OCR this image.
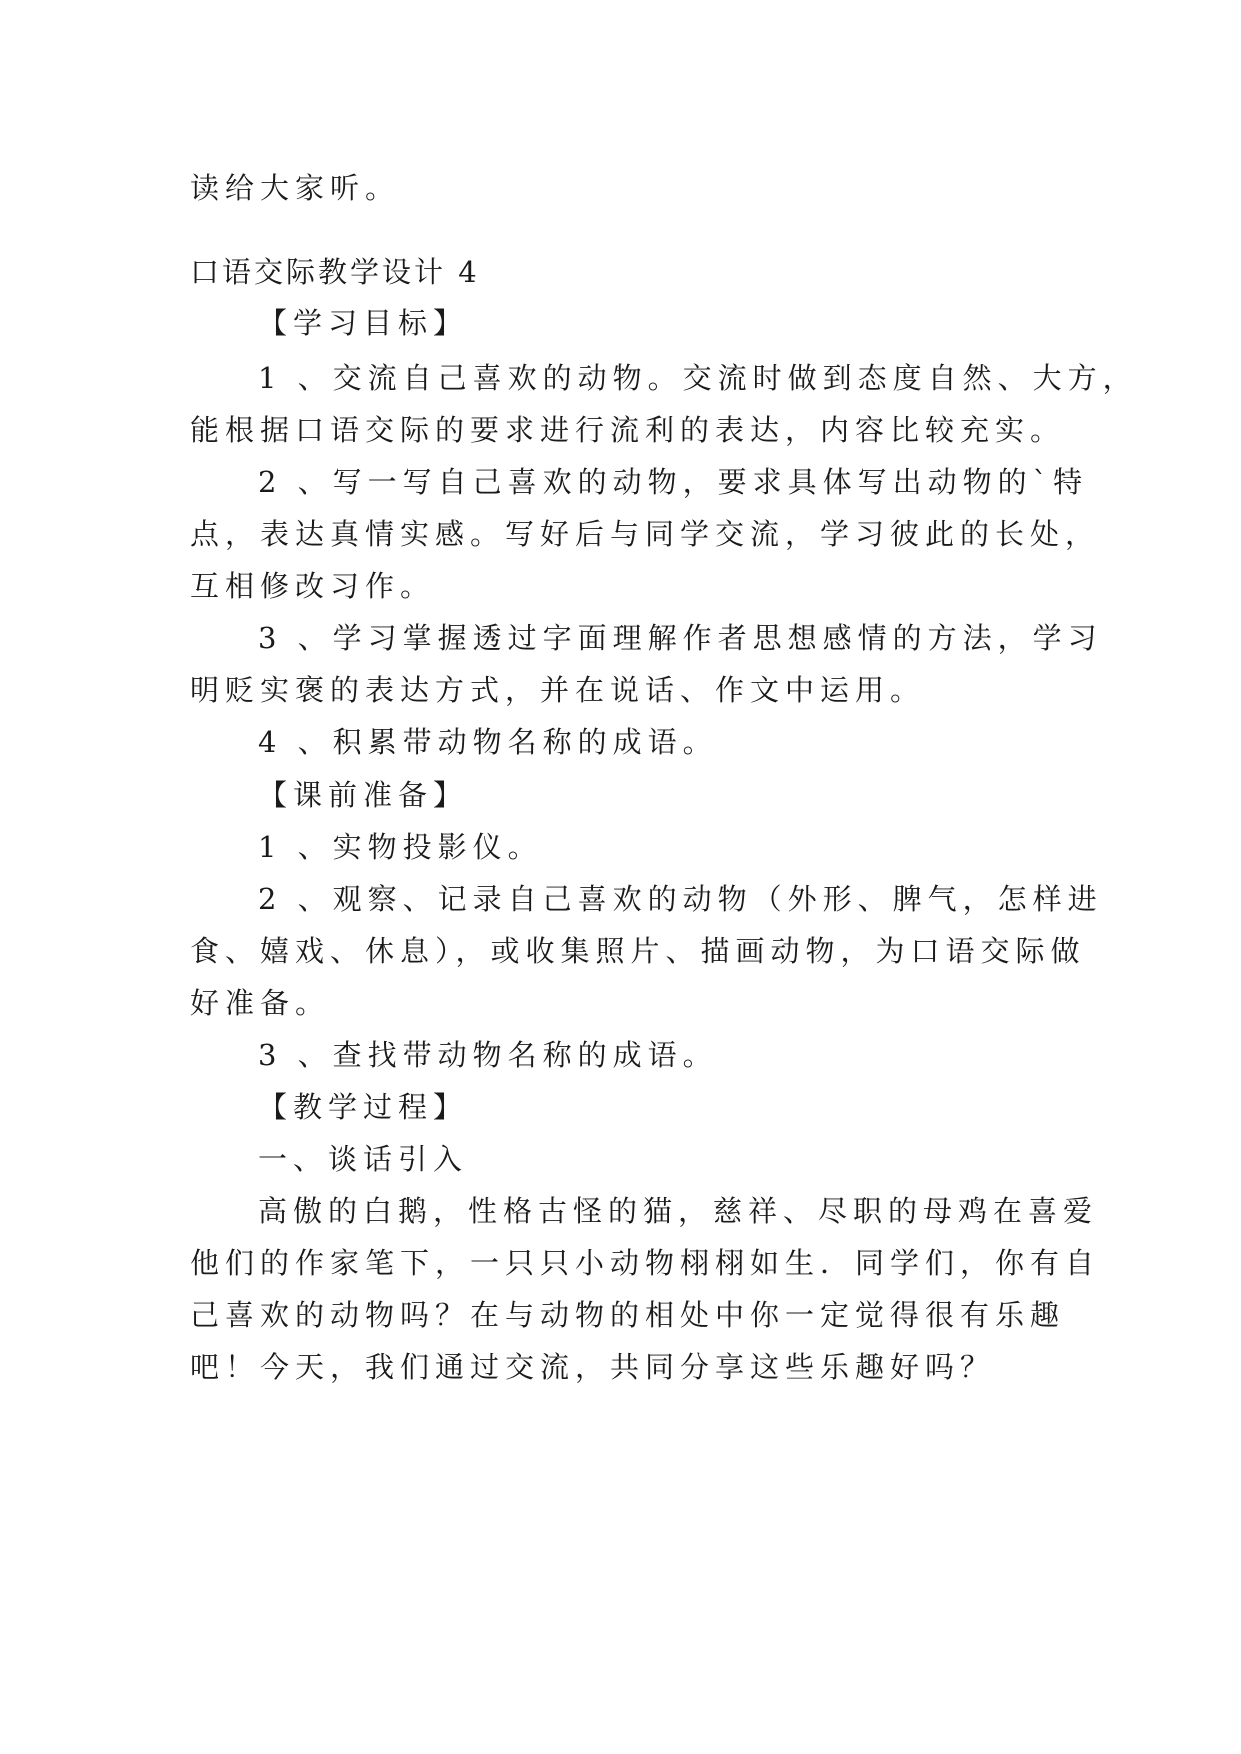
读给大家听。
口语交际教学设计 4
【学习目标】
1 、交流自己喜欢的动物。交流时做到态度自然、大方，
能根据口语交际的要求进行流利的表达，内容比较充实。
2 、写一写自己喜欢的动物，要求具体写出动物的`特
点，表达真情实感。写好后与同学交流，学习彼此的长处，
互相修改习作。
3 、学习掌握透过字面理解作者思想感情的方法，学习
明贬实褒的表达方式，并在说话、作文中运用。
4 、积累带动物名称的成语。
【课前准备】
1 、实物投影仪。
2 、观察、记录自己喜欢的动物（外形、脾气，怎样进
食、嬉戏、休息），或收集照片、描画动物，为口语交际做
好准备。
3 、查找带动物名称的成语。
【教学过程】
一、谈话引入
高傲的白鹅，性格古怪的猫，慈祥、尽职的母鸡在喜爱
他们的作家笔下，一只只小动物栩栩如生．同学们，你有自
己喜欢的动物吗？在与动物的相处中你一定觉得很有乐趣
吧！今天，我们通过交流，共同分享这些乐趣好吗？
